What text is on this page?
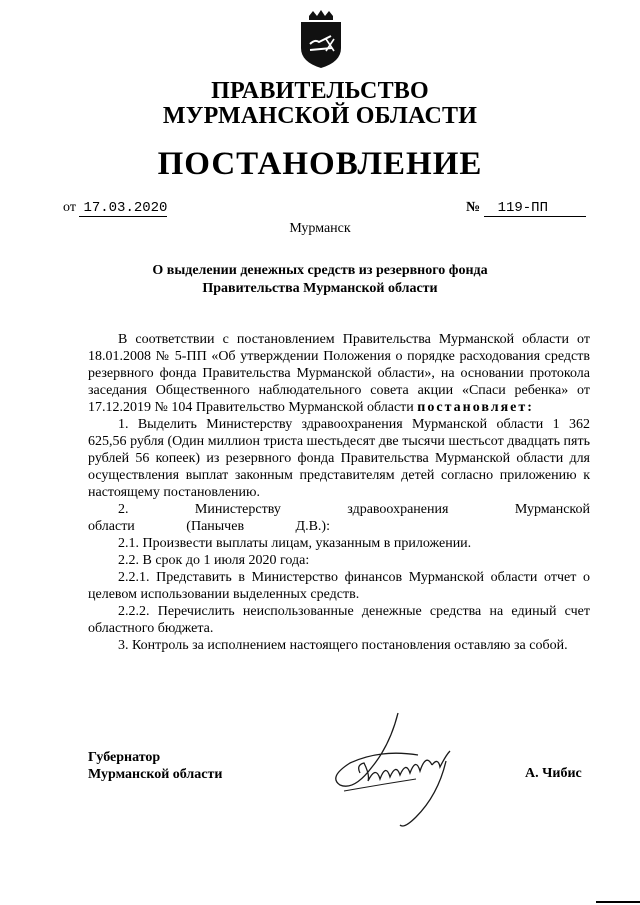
ПРАВИТЕЛЬСТВО
МУРМАНСКОЙ ОБЛАСТИ
ПОСТАНОВЛЕНИЕ
от 17.03.2020	№ 119-ПП
Мурманск
О выделении денежных средств из резервного фонда
Правительства Мурманской области

В соответствии с постановлением Правительства Мурманской области от 18.01.2008 № 5-ПП «Об утверждении Положения о порядке расходования средств резервного фонда Правительства Мурманской области», на основании протокола заседания Общественного наблюдательного совета акции «Спаси ребенка» от 17.12.2019 № 104 Правительство Мурманской области постановляет:

1. Выделить Министерству здравоохранения Мурманской области 1 362 625,56 рубля (Один миллион триста шестьдесят две тысячи шестьсот двадцать пять рублей 56 копеек) из резервного фонда Правительства Мурманской области для осуществления выплат законным представителям детей согласно приложению к настоящему постановлению.

2. Министерству здравоохранения Мурманской области (Панычев Д.В.):

2.1. Произвести выплаты лицам, указанным в приложении.

2.2. В срок до 1 июля 2020 года:

2.2.1. Представить в Министерство финансов Мурманской области отчет о целевом использовании выделенных средств.

2.2.2. Перечислить неиспользованные денежные средства на единый счет областного бюджета.

3. Контроль за исполнением настоящего постановления оставляю за собой.

Губернатор
Мурманской области	А. Чибис
